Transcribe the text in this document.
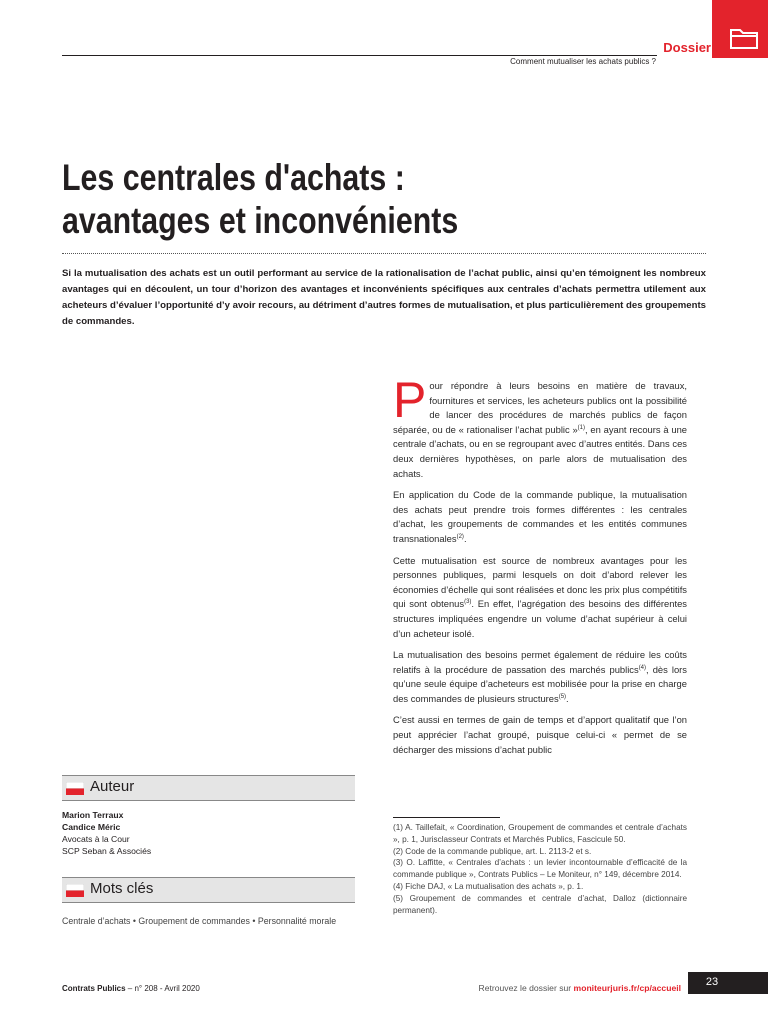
Dossier
Comment mutualiser les achats publics ?
Les centrales d'achats :
avantages et inconvénients

Si la mutualisation des achats est un outil performant au service de la rationalisation de l’achat public, ainsi qu’en témoignent les nombreux avantages qui en découlent, un tour d’horizon des avantages et inconvénients spécifiques aux centrales d’achats permettra utilement aux acheteurs d’évaluer l’opportunité d’y avoir recours, au détriment d’autres formes de mutualisation, et plus particulièrement des groupements de commandes.

Pour répondre à leurs besoins en matière de travaux, fournitures et services, les acheteurs publics ont la possibilité de lancer des procédures de marchés publics de façon séparée, ou de « rationaliser l’achat public »$^{(1)}$, en ayant recours à une centrale d’achats, ou en se regroupant avec d’autres entités. Dans ces deux dernières hypothèses, on parle alors de mutualisation des achats.

En application du Code de la commande publique, la mutualisation des achats peut prendre trois formes différentes : les centrales d’achat, les groupements de commandes et les entités communes transnationales$^{(2)}$.

Cette mutualisation est source de nombreux avantages pour les personnes publiques, parmi lesquels on doit d’abord relever les économies d’échelle qui sont réalisées et donc les prix plus compétitifs qui sont obtenus$^{(3)}$. En effet, l’agrégation des besoins des différentes structures impliquées engendre un volume d’achat supérieur à celui d’un acheteur isolé.

La mutualisation des besoins permet également de réduire les coûts relatifs à la procédure de passation des marchés publics$^{(4)}$, dès lors qu’une seule équipe d’acheteurs est mobilisée pour la prise en charge des commandes de plusieurs structures$^{(5)}$.

C’est aussi en termes de gain de temps et d’apport qualitatif que l’on peut apprécier l’achat groupé, puisque celui-ci « permet de se décharger des missions d’achat public

(1) A. Taillefait, « Coordination, Groupement de commandes et centrale d’achats », p. 1, Jurisclasseur Contrats et Marchés Publics, Fascicule 50.

(2) Code de la commande publique, art. L. 2113-2 et s.

(3) O. Laffitte, « Centrales d’achats : un levier incontournable d’efficacité de la commande publique », Contrats Publics – Le Moniteur, n° 149, décembre 2014.

(4) Fiche DAJ, « La mutualisation des achats », p. 1.

(5) Groupement de commandes et centrale d’achat, Dalloz (dictionnaire permanent).

Auteur
Marion Terraux
Candice Méric
Avocats à la Cour
SCP Seban & Associés
Mots clés
Centrale d’achats • Groupement de commandes • Personnalité morale
Contrats Publics – n° 208 - Avril 2020	Retrouvez le dossier sur moniteurjuris.fr/cp/accueil	23
